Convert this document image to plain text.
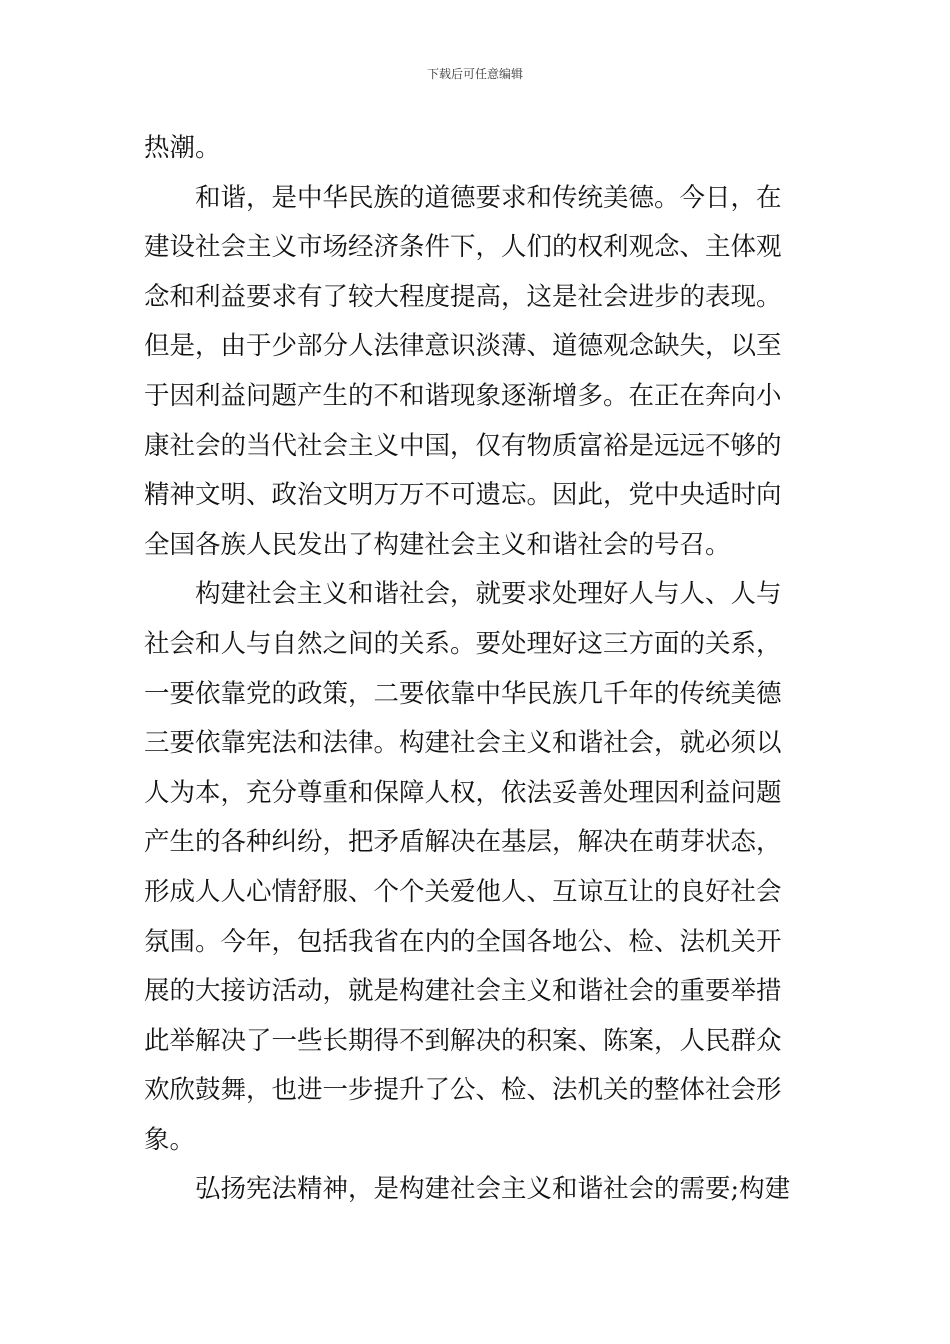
下载后可任意编辑
热潮。
和谐，是中华民族的道德要求和传统美德。今日，在
建设社会主义市场经济条件下，人们的权利观念、主体观
念和利益要求有了较大程度提高，这是社会进步的表现。
但是，由于少部分人法律意识淡薄、道德观念缺失，以至
于因利益问题产生的不和谐现象逐渐增多。在正在奔向小
康社会的当代社会主义中国，仅有物质富裕是远远不够的
精神文明、政治文明万万不可遗忘。因此，党中央适时向
全国各族人民发出了构建社会主义和谐社会的号召。
构建社会主义和谐社会，就要求处理好人与人、人与
社会和人与自然之间的关系。要处理好这三方面的关系，
一要依靠党的政策，二要依靠中华民族几千年的传统美德
三要依靠宪法和法律。构建社会主义和谐社会，就必须以
人为本，充分尊重和保障人权，依法妥善处理因利益问题
产生的各种纠纷，把矛盾解决在基层，解决在萌芽状态，
形成人人心情舒服、个个关爱他人、互谅互让的良好社会
氛围。今年，包括我省在内的全国各地公、检、法机关开
展的大接访活动，就是构建社会主义和谐社会的重要举措
此举解决了一些长期得不到解决的积案、陈案，人民群众
欢欣鼓舞，也进一步提升了公、检、法机关的整体社会形
象。
弘扬宪法精神，是构建社会主义和谐社会的需要;构建
